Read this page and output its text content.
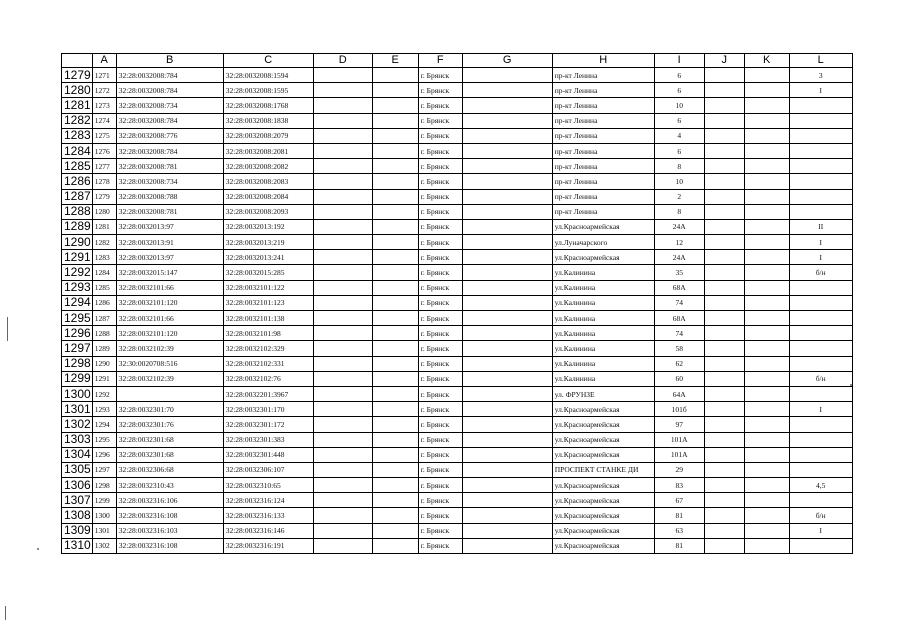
	A	B	C	D	E	F	G	H	I	J	K	L
1279	1271	32:28:0032008:784	32:28:0032008:1594			г. Брянск		пр-кт Ленина	6			3
1280	1272	32:28:0032008:784	32:28:0032008:1595			г. Брянск		пр-кт Ленина	6			I
1281	1273	32:28:0032008:734	32:28:0032008:1768			г. Брянск		пр-кт Ленина	10			
1282	1274	32:28:0032008:784	32:28:0032008:1838			г. Брянск		пр-кт Ленина	6			
1283	1275	32:28:0032008:776	32:28:0032008:2079			г. Брянск		пр-кт Ленина	4			
1284	1276	32:28:0032008:784	32:28:0032008:2081			г. Брянск		пр-кт Ленина	6			
1285	1277	32:28:0032008:781	32:28:0032008:2082			г. Брянск		пр-кт Ленина	8			
1286	1278	32:28:0032008:734	32:28:0032008:2083			г. Брянск		пр-кт Ленина	10			
1287	1279	32:28:0032008:788	32:28:0032008:2084			г. Брянск		пр-кт Ленина	2			
1288	1280	32:28:0032008:781	32:28:0032008:2093			г. Брянск		пр-кт Ленина	8			
1289	1281	32:28:0032013:97	32:28:0032013:192			г. Брянск		ул.Красноармейская	24А			II
1290	1282	32:28:0032013:91	32:28:0032013:219			г. Брянск		ул.Луначарского	12			I
1291	1283	32:28:0032013:97	32:28:0032013:241			г. Брянск		ул.Красноармейская	24А			I
1292	1284	32:28:0032015:147	32:28:0032015:285			г. Брянск		ул.Калинина	35			б/н
1293	1285	32:28:0032101:66	32:28:0032101:122			г. Брянск		ул.Калинина	68А			
1294	1286	32:28:0032101:120	32:28:0032101:123			г. Брянск		ул.Калинина	74			
1295	1287	32:28:0032101:66	32:28:0032101:138			г. Брянск		ул.Калинина	68А			
1296	1288	32:28:0032101:120	32:28:0032101:98			г. Брянск		ул.Калинина	74			
1297	1289	32:28:0032102:39	32:28:0032102:329			г. Брянск		ул.Калинина	58			
1298	1290	32:30:0020708:516	32:28:0032102:331			г. Брянск		ул.Калинина	62			
1299	1291	32:28:0032102:39	32:28:0032102:76			г. Брянск		ул.Калинина	60			б/н
1300	1292		32:28:0032201:3967			г. Брянск		ул. ФРУНЗЕ	64А			
1301	1293	32:28:0032301:70	32:28:0032301:170			г. Брянск		ул.Красноармейская	101б			I
1302	1294	32:28:0032301:76	32:28:0032301:172			г. Брянск		ул.Красноармейская	97			
1303	1295	32:28:0032301:68	32:28:0032301:383			г. Брянск		ул.Красноармейская	101А			
1304	1296	32:28:0032301:68	32:28:0032301:448			г. Брянск		ул.Красноармейская	101А			
1305	1297	32:28:0032306:68	32:28:0032306:107			г. Брянск		ПРОСПЕКТ СТАНКЕ ДИ	29			
1306	1298	32:28:0032310:43	32:28:0032310:65			г. Брянск		ул.Красноармейская	83			4,5
1307	1299	32:28:0032316:106	32:28:0032316:124			г. Брянск		ул.Красноармейская	67			
1308	1300	32:28:0032316:108	32:28:0032316:133			г. Брянск		ул.Красноармейская	81			б/н
1309	1301	32:28:0032316:103	32:28:0032316:146			г. Брянск		ул.Красноармейская	63			I
1310	1302	32:28:0032316:108	32:28:0032316:191			г. Брянск		ул.Красноармейская	81			
